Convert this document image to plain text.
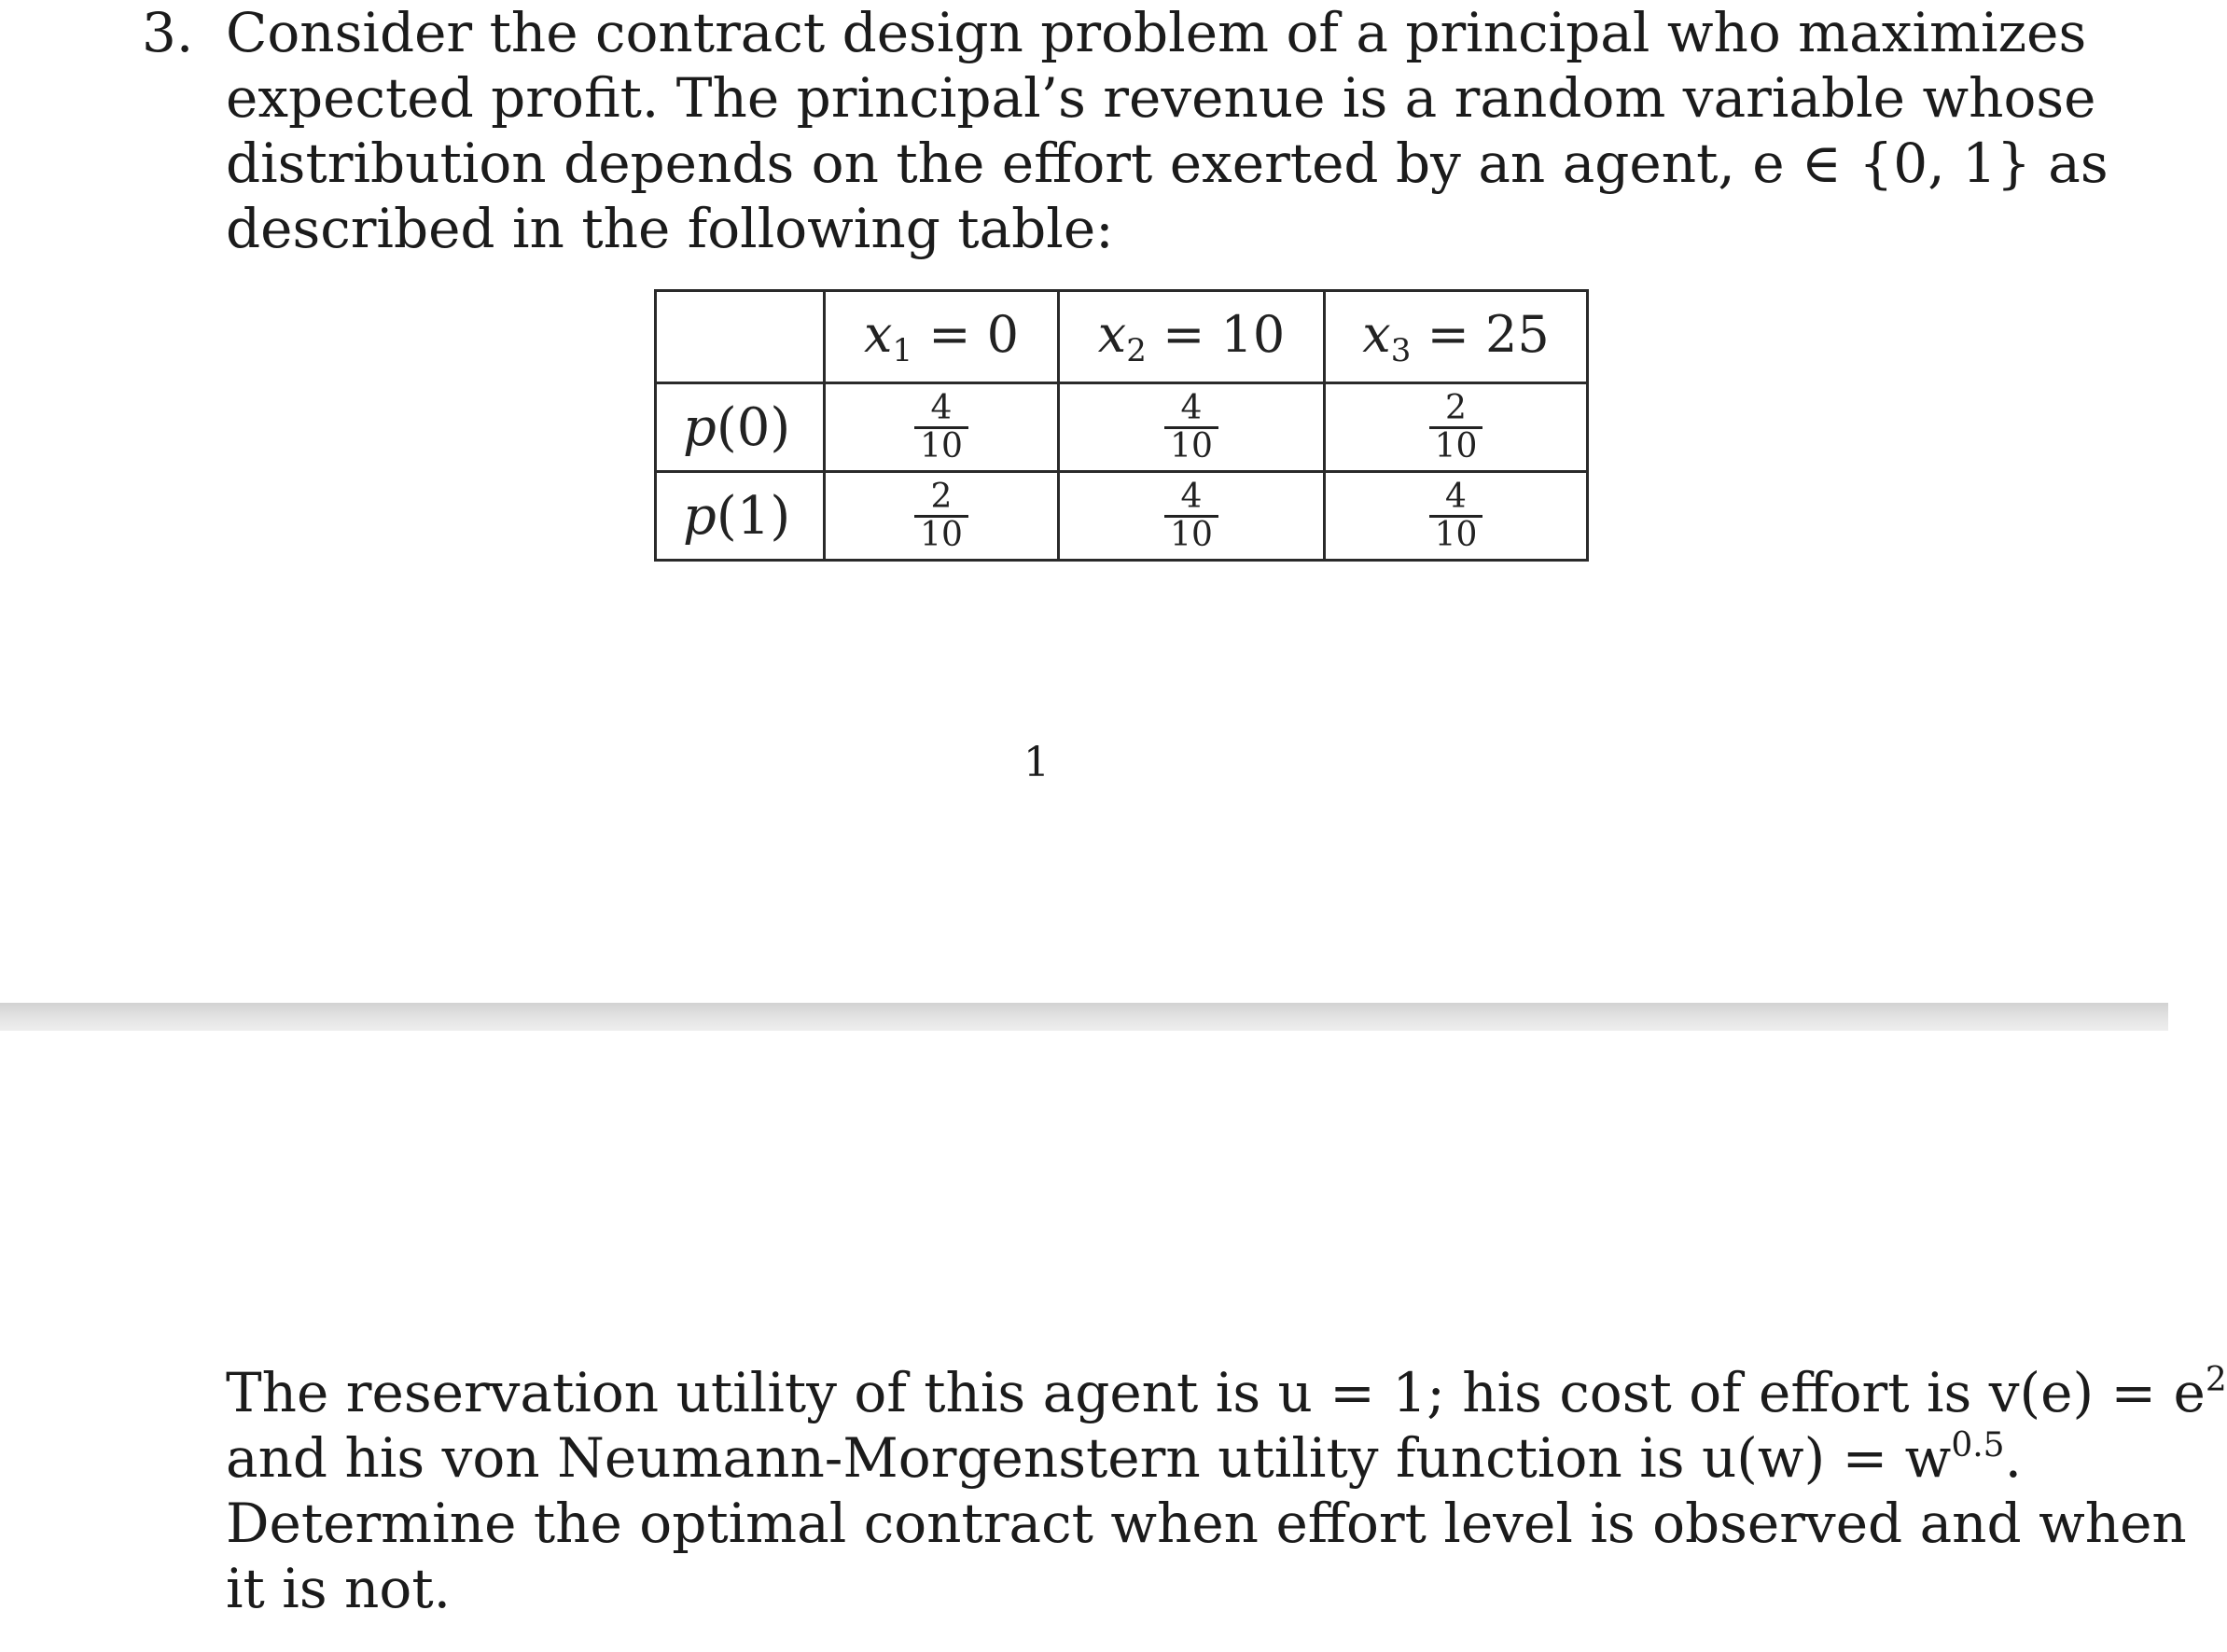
3. Consider the contract design problem of a principal who maximizes
expected profit. The principal’s revenue is a random variable whose
distribution depends on the effort exerted by an agent, e ∈ {0, 1} as
described in the following table:
	$x_1 = 0$	$x_2 = 10$	$x_3 = 25$
p(0)	$\frac{4}{10}$	$\frac{4}{10}$	$\frac{2}{10}$

p(1)	$\frac{2}{10}$	$\frac{4}{10}$	$\frac{4}{10}$
1
The reservation utility of this agent is u = 1; his cost of effort is $v(e) = e^2$
and his von Neumann-Morgenstern utility function is $u(w) = w^{0.5}$.
Determine the optimal contract when effort level is observed and when
it is not.
